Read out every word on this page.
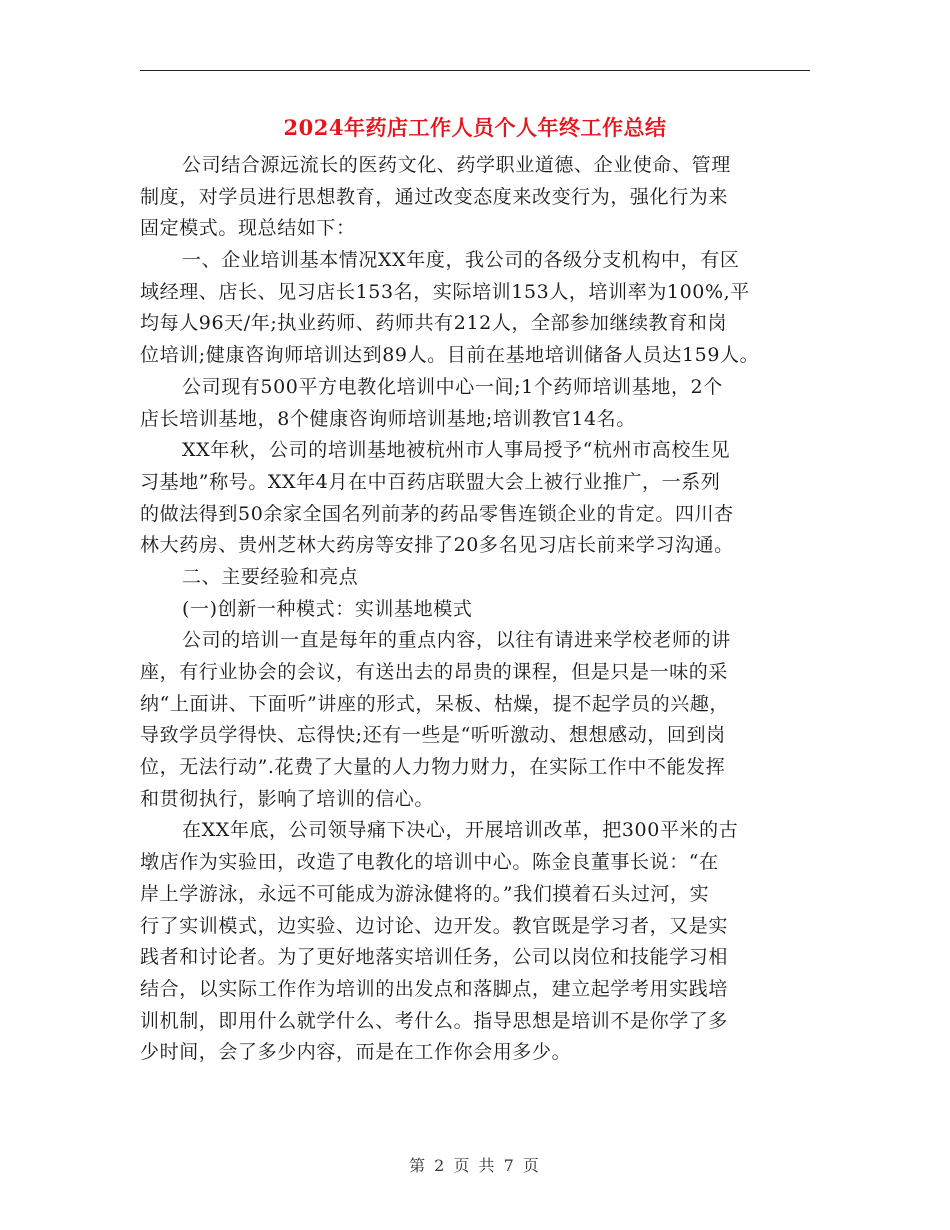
2024年药店工作人员个人年终工作总结
公司结合源远流长的医药文化、药学职业道德、企业使命、管理
制度，对学员进行思想教育，通过改变态度来改变行为，强化行为来
固定模式。现总结如下：
一、企业培训基本情况XX年度，我公司的各级分支机构中，有区
域经理、店长、见习店长153名，实际培训153人，培训率为100%,平
均每人96天/年;执业药师、药师共有212人，全部参加继续教育和岗
位培训;健康咨询师培训达到89人。目前在基地培训储备人员达159人。
公司现有500平方电教化培训中心一间;1个药师培训基地，2个
店长培训基地，8个健康咨询师培训基地;培训教官14名。
XX年秋，公司的培训基地被杭州市人事局授予“杭州市高校生见
习基地”称号。XX年4月在中百药店联盟大会上被行业推广，一系列
的做法得到50余家全国名列前茅的药品零售连锁企业的肯定。四川杏
林大药房、贵州芝林大药房等安排了20多名见习店长前来学习沟通。
二、主要经验和亮点
(一)创新一种模式：实训基地模式
公司的培训一直是每年的重点内容，以往有请进来学校老师的讲
座，有行业协会的会议，有送出去的昂贵的课程，但是只是一味的采
纳“上面讲、下面听”讲座的形式，呆板、枯燥，提不起学员的兴趣，
导致学员学得快、忘得快;还有一些是“听听激动、想想感动，回到岗
位，无法行动”.花费了大量的人力物力财力，在实际工作中不能发挥
和贯彻执行，影响了培训的信心。
在XX年底，公司领导痛下决心，开展培训改革，把300平米的古
墩店作为实验田，改造了电教化的培训中心。陈金良董事长说：“在
岸上学游泳，永远不可能成为游泳健将的。”我们摸着石头过河，实
行了实训模式，边实验、边讨论、边开发。教官既是学习者，又是实
践者和讨论者。为了更好地落实培训任务，公司以岗位和技能学习相
结合，以实际工作作为培训的出发点和落脚点，建立起学考用实践培
训机制，即用什么就学什么、考什么。指导思想是培训不是你学了多
少时间，会了多少内容，而是在工作你会用多少。
第 2 页 共 7 页
